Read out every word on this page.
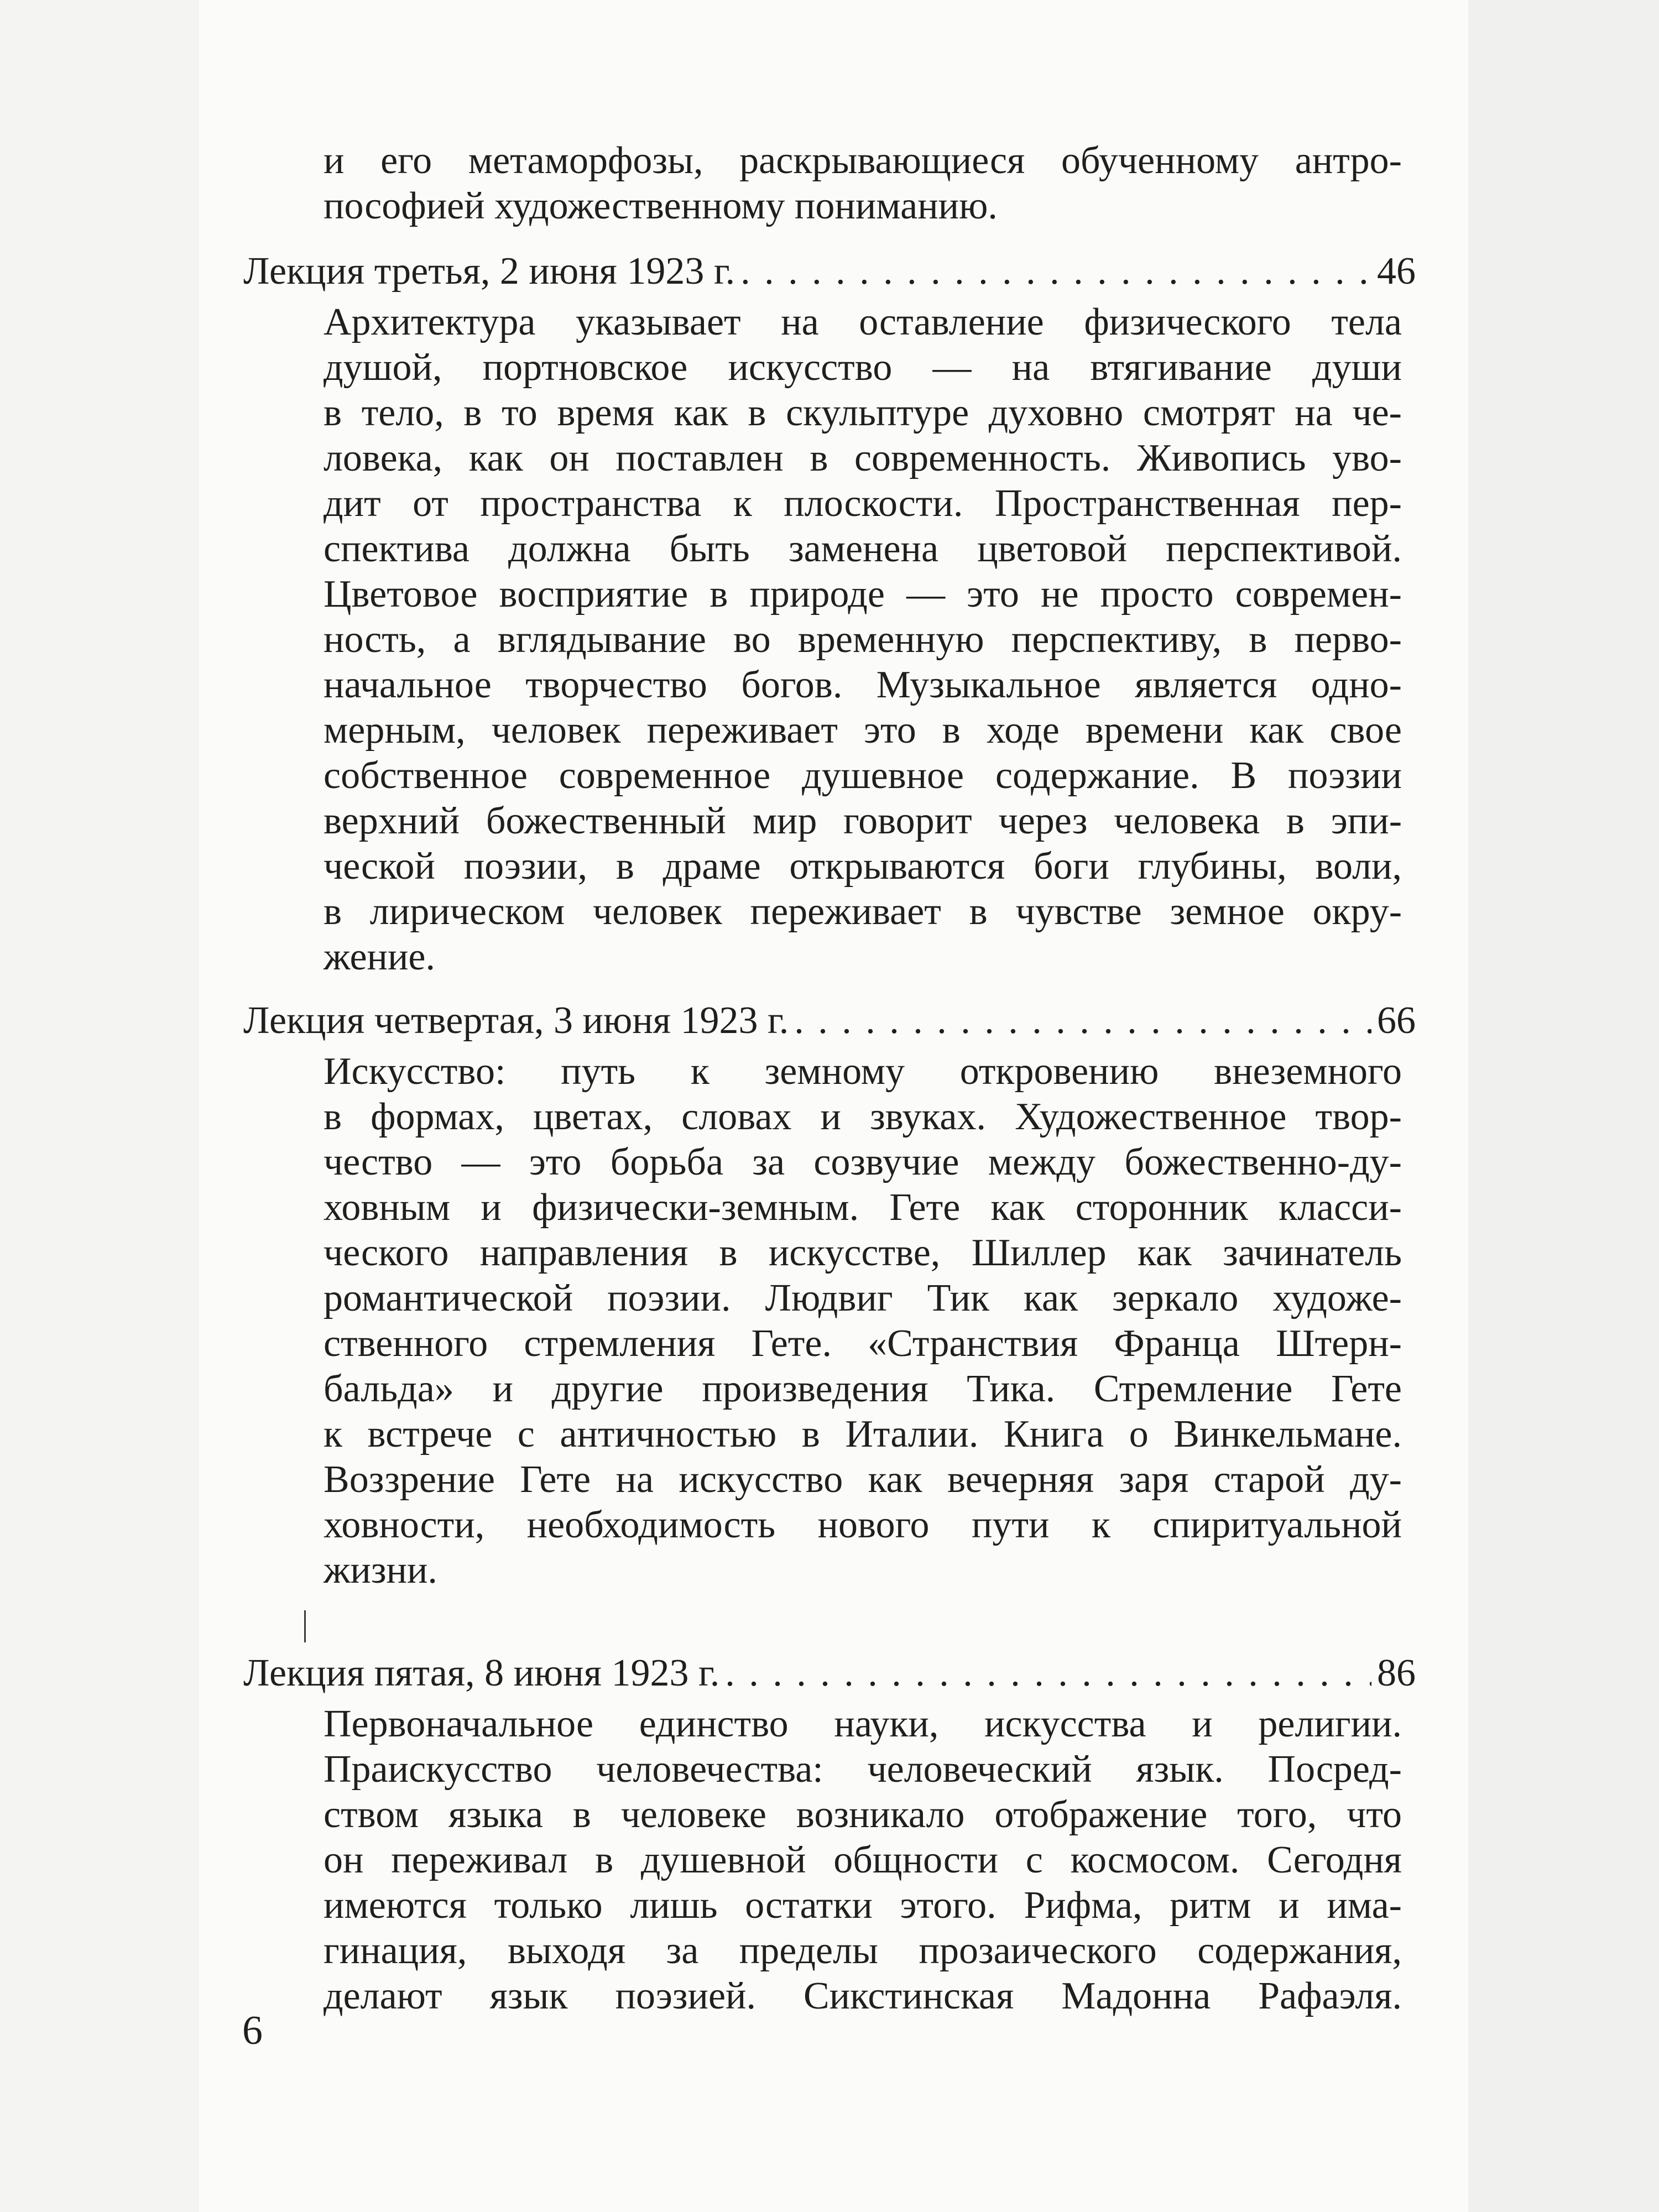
и его метаморфозы, раскрывающиеся обученному антро-
пософией художественному пониманию.
Лекция третья, 2 июня 1923 г. . . .	46
Архитектура указывает на оставление физического тела
душой, портновское искусство — на втягивание души
в тело, в то время как в скульптуре духовно смотрят на че-
ловека, как он поставлен в современность. Живопись уво-
дит от пространства к плоскости. Пространственная пер-
спектива должна быть заменена цветовой перспективой.
Цветовое восприятие в природе — это не просто современ-
ность, а вглядывание во временную перспективу, в перво-
начальное творчество богов. Музыкальное является одно-
мерным, человек переживает это в ходе времени как свое
собственное современное душевное содержание. В поэзии
верхний божественный мир говорит через человека в эпи-
ческой поэзии, в драме открываются боги глубины, воли,
в лирическом человек переживает в чувстве земное окру-
жение.
Лекция четвертая, 3 июня 1923 г. . . .	66
Искусство: путь к земному откровению внеземного
в формах, цветах, словах и звуках. Художественное твор-
чество — это борьба за созвучие между божественно-ду-
ховным и физически-земным. Гете как сторонник класси-
ческого направления в искусстве, Шиллер как зачинатель
романтической поэзии. Людвиг Тик как зеркало художе-
ственного стремления Гете. «Странствия Франца Штерн-
бальда» и другие произведения Тика. Стремление Гете
к встрече с античностью в Италии. Книга о Винкельмане.
Воззрение Гете на искусство как вечерняя заря старой ду-
ховности, необходимость нового пути к спиритуальной
жизни.
Лекция пятая, 8 июня 1923 г. . . .	86
Первоначальное единство науки, искусства и религии.
Праискусство человечества: человеческий язык. Посред-
ством языка в человеке возникало отображение того, что
он переживал в душевной общности с космосом. Сегодня
имеются только лишь остатки этого. Рифма, ритм и има-
гинация, выходя за пределы прозаического содержания,
делают язык поэзией. Сикстинская Мадонна Рафаэля.
6
